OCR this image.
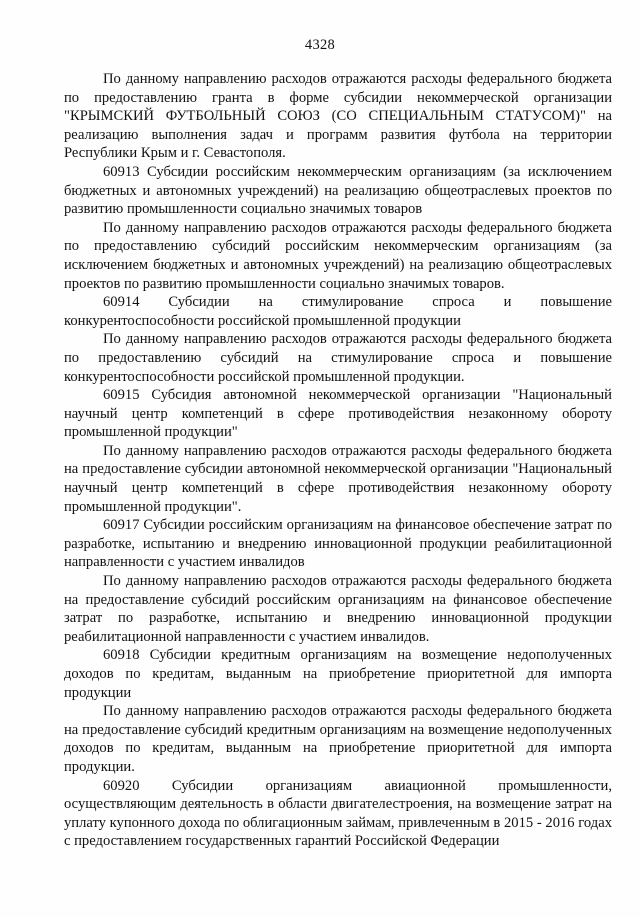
4328

По данному направлению расходов отражаются расходы федерального бюджета по предоставлению гранта в форме субсидии некоммерческой организации "КРЫМСКИЙ ФУТБОЛЬНЫЙ СОЮЗ (СО СПЕЦИАЛЬНЫМ СТАТУСОМ)" на реализацию выполнения задач и программ развития футбола на территории Республики Крым и г. Севастополя.

60913 Субсидии российским некоммерческим организациям (за исключением бюджетных и автономных учреждений) на реализацию общеотраслевых проектов по развитию промышленности социально значимых товаров

По данному направлению расходов отражаются расходы федерального бюджета по предоставлению субсидий российским некоммерческим организациям (за исключением бюджетных и автономных учреждений) на реализацию общеотраслевых проектов по развитию промышленности социально значимых товаров.

60914 Субсидии на стимулирование спроса и повышение конкурентоспособности российской промышленной продукции

По данному направлению расходов отражаются расходы федерального бюджета по предоставлению субсидий на стимулирование спроса и повышение конкурентоспособности российской промышленной продукции.

60915 Субсидия автономной некоммерческой организации "Национальный научный центр компетенций в сфере противодействия незаконному обороту промышленной продукции"

По данному направлению расходов отражаются расходы федерального бюджета на предоставление субсидии автономной некоммерческой организации "Национальный научный центр компетенций в сфере противодействия незаконному обороту промышленной продукции".

60917 Субсидии российским организациям на финансовое обеспечение затрат по разработке, испытанию и внедрению инновационной продукции реабилитационной направленности с участием инвалидов

По данному направлению расходов отражаются расходы федерального бюджета на предоставление субсидий российским организациям на финансовое обеспечение затрат по разработке, испытанию и внедрению инновационной продукции реабилитационной направленности с участием инвалидов.

60918 Субсидии кредитным организациям на возмещение недополученных доходов по кредитам, выданным на приобретение приоритетной для импорта продукции

По данному направлению расходов отражаются расходы федерального бюджета на предоставление субсидий кредитным организациям на возмещение недополученных доходов по кредитам, выданным на приобретение приоритетной для импорта продукции.

60920 Субсидии организациям авиационной промышленности, осуществляющим деятельность в области двигателестроения, на возмещение затрат на уплату купонного дохода по облигационным займам, привлеченным в 2015 - 2016 годах с предоставлением государственных гарантий Российской Федерации
